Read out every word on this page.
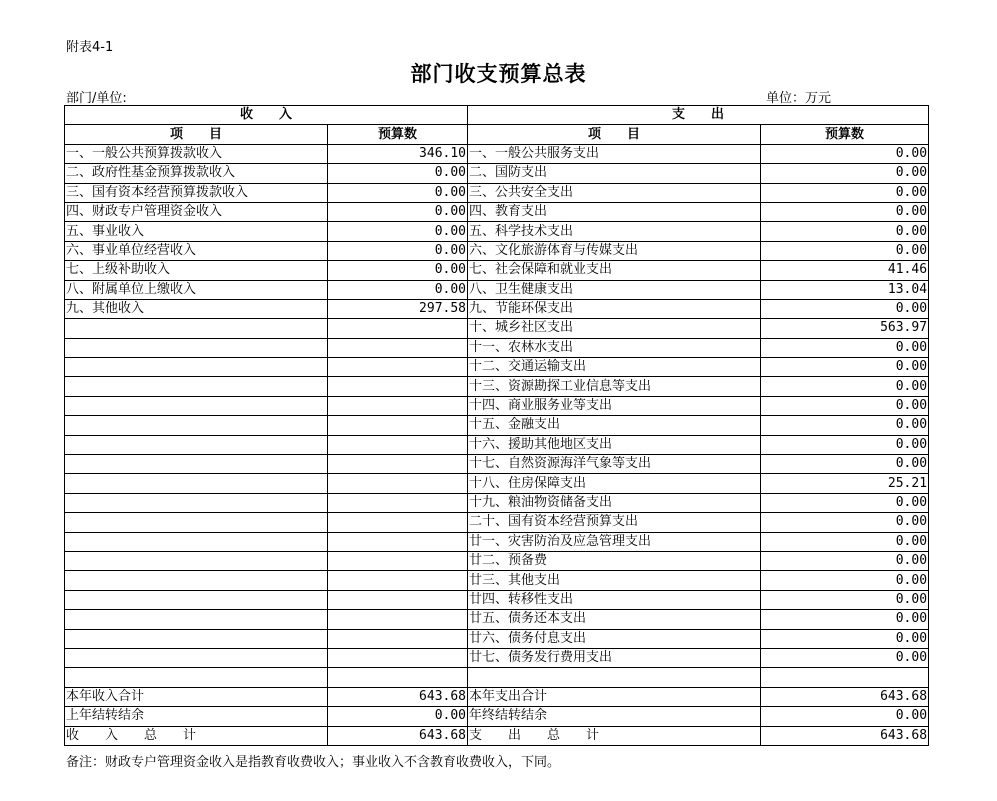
附表4-1
部门收支预算总表
部门/单位:	单位：万元
收　　入		支　　出	
项　　目	预算数	项　　目	预算数
一、一般公共预算拨款收入	346.10	一、一般公共服务支出	0.00
二、政府性基金预算拨款收入	0.00	二、国防支出	0.00
三、国有资本经营预算拨款收入	0.00	三、公共安全支出	0.00
四、财政专户管理资金收入	0.00	四、教育支出	0.00
五、事业收入	0.00	五、科学技术支出	0.00
六、事业单位经营收入	0.00	六、文化旅游体育与传媒支出	0.00
七、上级补助收入	0.00	七、社会保障和就业支出	41.46
八、附属单位上缴收入	0.00	八、卫生健康支出	13.04
九、其他收入	297.58	九、节能环保支出	0.00
		十、城乡社区支出	563.97
		十一、农林水支出	0.00
		十二、交通运输支出	0.00
		十三、资源勘探工业信息等支出	0.00
		十四、商业服务业等支出	0.00
		十五、金融支出	0.00
		十六、援助其他地区支出	0.00
		十七、自然资源海洋气象等支出	0.00
		十八、住房保障支出	25.21
		十九、粮油物资储备支出	0.00
		二十、国有资本经营预算支出	0.00
		廿一、灾害防治及应急管理支出	0.00
		廿二、预备费	0.00
		廿三、其他支出	0.00
		廿四、转移性支出	0.00
		廿五、债务还本支出	0.00
		廿六、债务付息支出	0.00
		廿七、债务发行费用支出	0.00

本年收入合计	643.68	本年支出合计	643.68
上年结转结余	0.00	年终结转结余	0.00
收　　入　　总　　计	643.68	支　　出　　总　　计	643.68
备注：财政专户管理资金收入是指教育收费收入；事业收入不含教育收费收入，下同。
